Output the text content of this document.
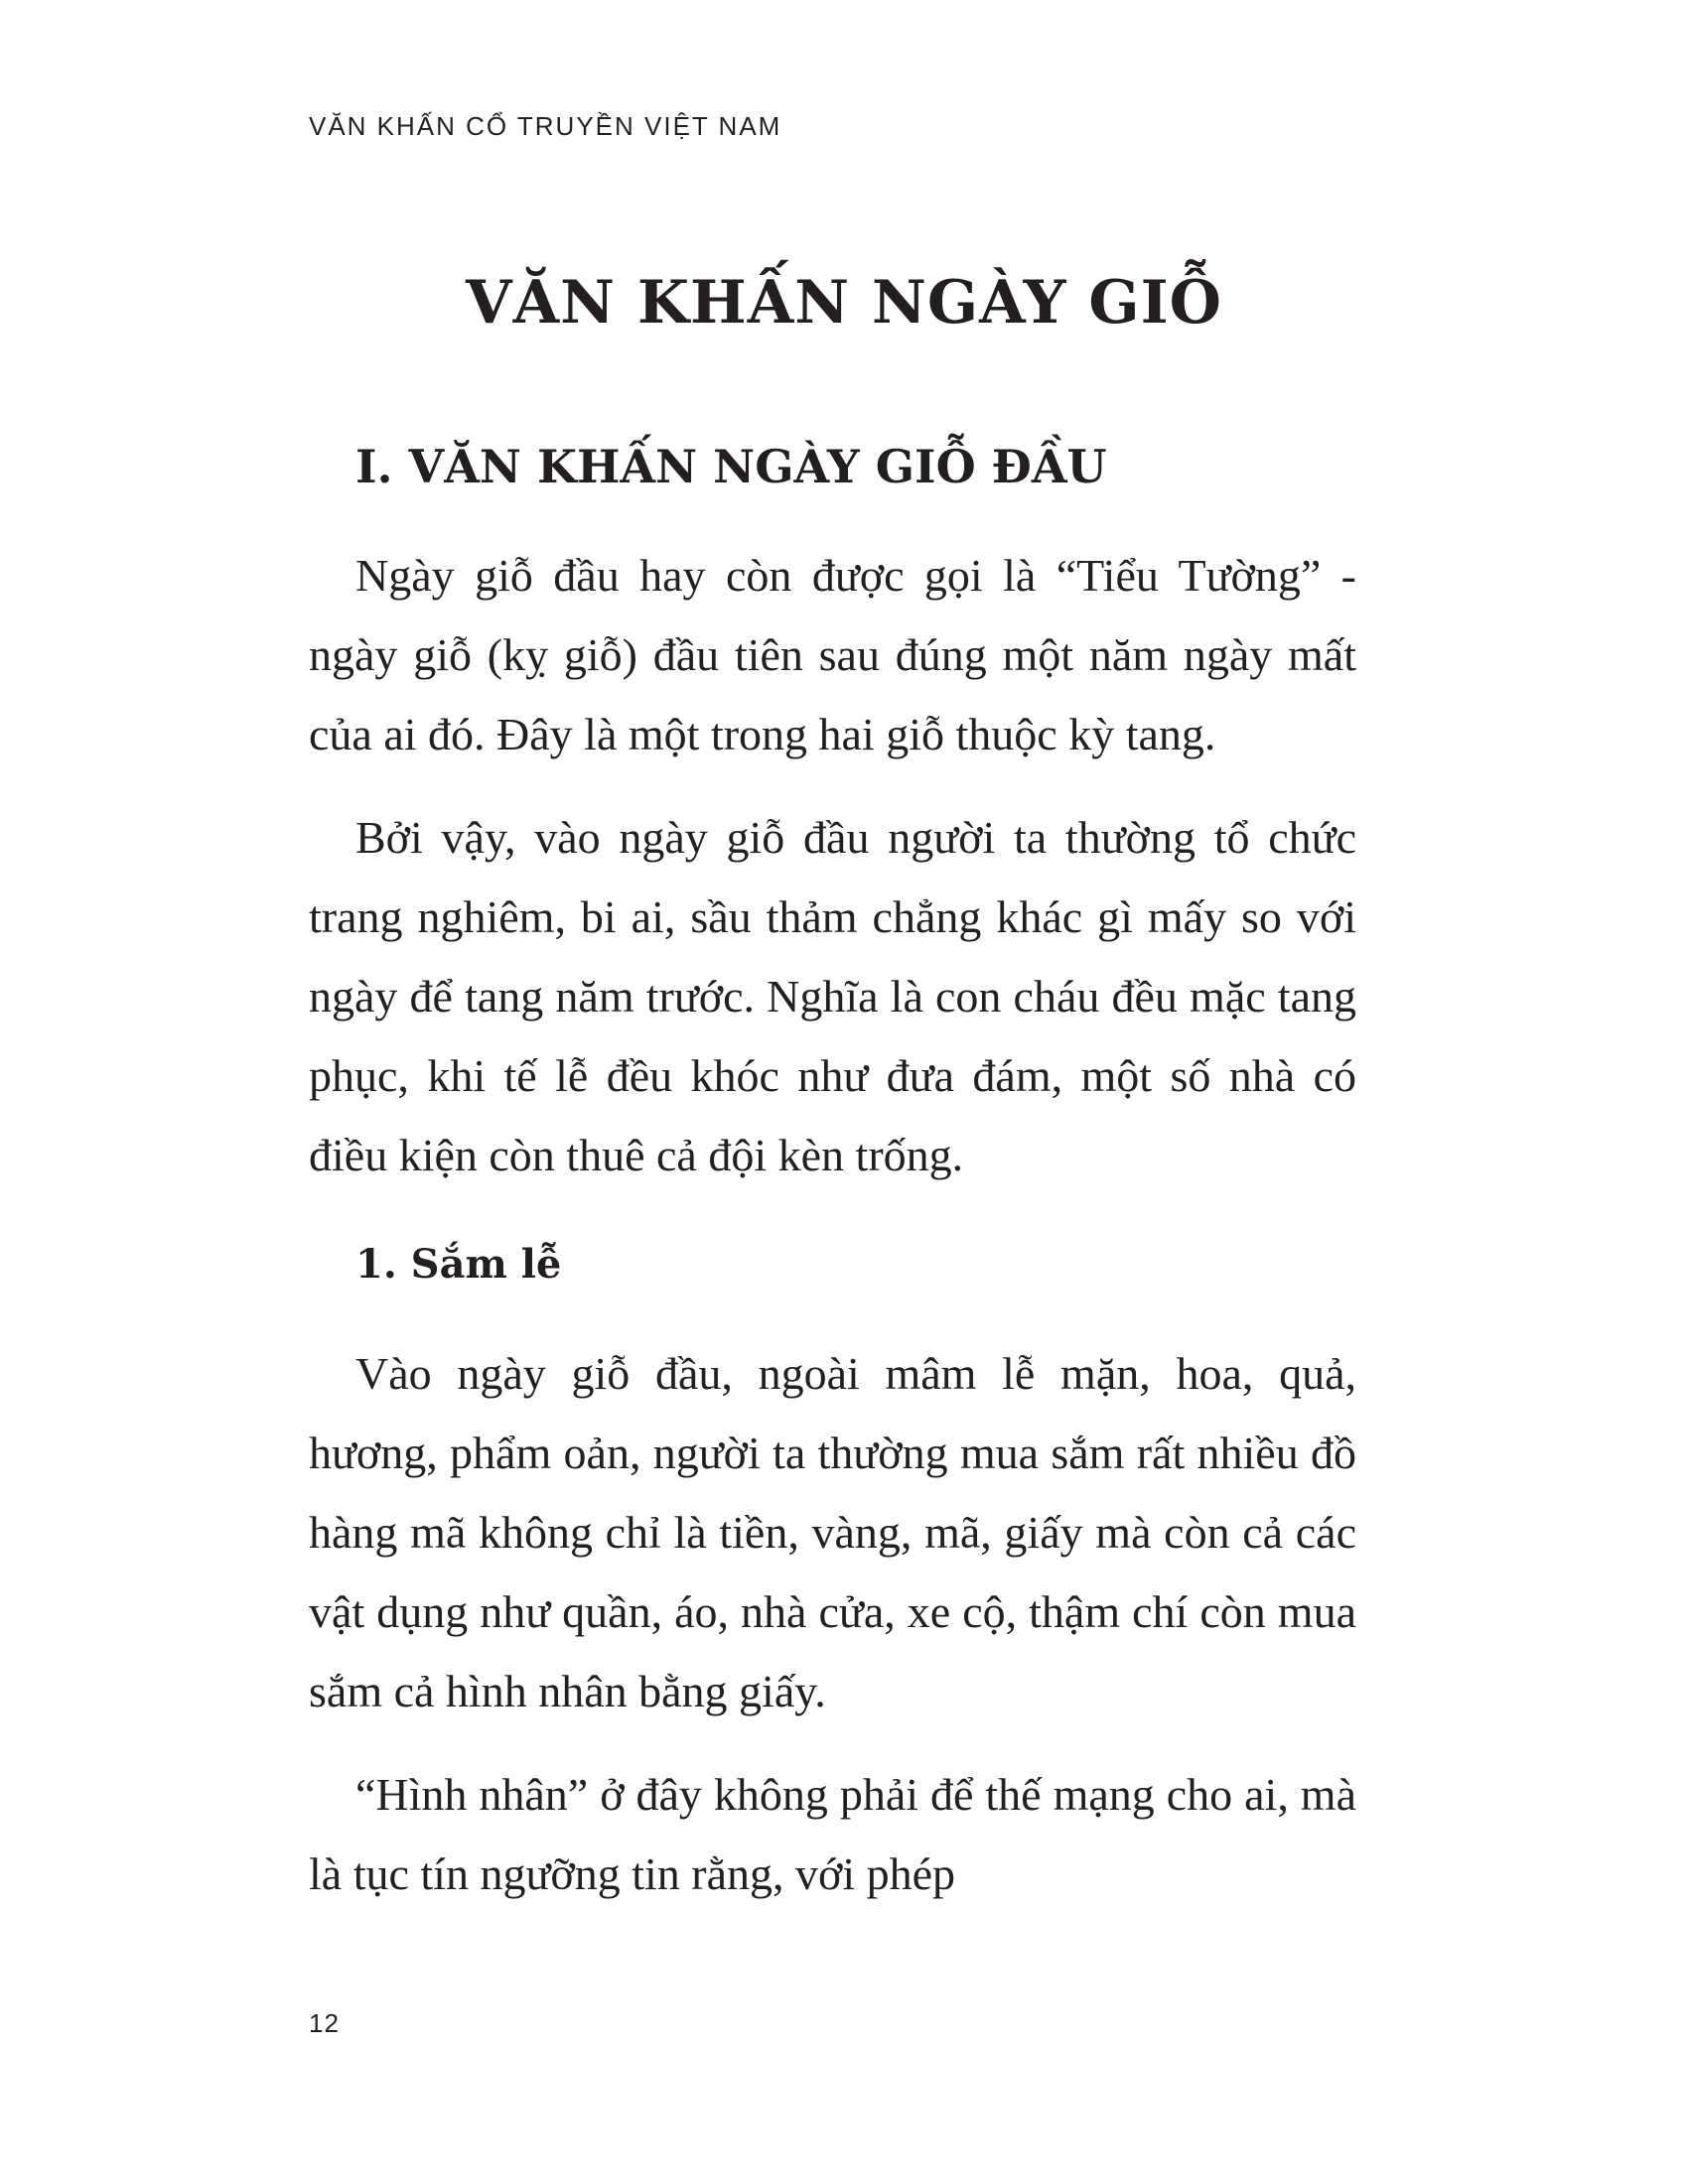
VĂN KHẤN CỔ TRUYỀN VIỆT NAM
VĂN KHẤN NGÀY GIỖ
I. VĂN KHẤN NGÀY GIỖ ĐẦU

Ngày giỗ đầu hay còn được gọi là “Tiểu Tường” - ngày giỗ (kỵ giỗ) đầu tiên sau đúng một năm ngày mất của ai đó. Đây là một trong hai giỗ thuộc kỳ tang.

Bởi vậy, vào ngày giỗ đầu người ta thường tổ chức trang nghiêm, bi ai, sầu thảm chẳng khác gì mấy so với ngày để tang năm trước. Nghĩa là con cháu đều mặc tang phục, khi tế lễ đều khóc như đưa đám, một số nhà có điều kiện còn thuê cả đội kèn trống.

1. Sắm lễ

Vào ngày giỗ đầu, ngoài mâm lễ mặn, hoa, quả, hương, phẩm oản, người ta thường mua sắm rất nhiều đồ hàng mã không chỉ là tiền, vàng, mã, giấy mà còn cả các vật dụng như quần, áo, nhà cửa, xe cộ, thậm chí còn mua sắm cả hình nhân bằng giấy.

“Hình nhân” ở đây không phải để thế mạng cho ai, mà là tục tín ngưỡng tin rằng, với phép

12
